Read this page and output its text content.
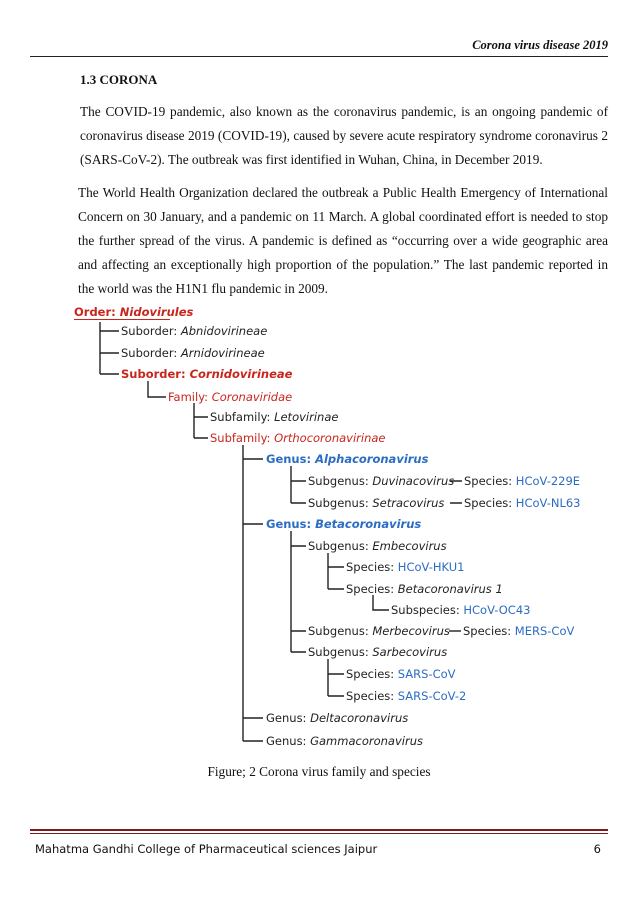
Corona virus disease 2019
1.3 CORONA
The COVID-19 pandemic, also known as the coronavirus pandemic, is an ongoing pandemic of coronavirus disease 2019 (COVID-19), caused by severe acute respiratory syndrome coronavirus 2 (SARS-CoV-2). The outbreak was first identified in Wuhan, China, in December 2019.
The World Health Organization declared the outbreak a Public Health Emergency of International Concern on 30 January, and a pandemic on 11 March. A global coordinated effort is needed to stop the further spread of the virus. A pandemic is defined as “occurring over a wide geographic area and affecting an exceptionally high proportion of the population.” The last pandemic reported in the world was the H1N1 flu pandemic in 2009.
Order: Nidovirules
Suborder: Abnidovirineae
Suborder: Arnidovirineae
Suborder: Cornidovirineae
Family: Coronaviridae
Subfamily: Letovirinae
Subfamily: Orthocoronavirinae
Genus: Alphacoronavirus
Subgenus: Duvinacovirus Species: HCoV-229E
Subgenus: Setracovirus Species: HCoV-NL63
Genus: Betacoronavirus
Subgenus: Embecovirus
Species: HCoV-HKU1
Species: Betacoronavirus 1
Subspecies: HCoV-OC43
Subgenus: Merbecovirus Species: MERS-CoV
Subgenus: Sarbecovirus
Species: SARS-CoV
Species: SARS-CoV-2
Genus: Deltacoronavirus
Genus: Gammacoronavirus
Figure; 2 Corona virus family and species
Mahatma Gandhi College of Pharmaceutical sciences Jaipur	6
